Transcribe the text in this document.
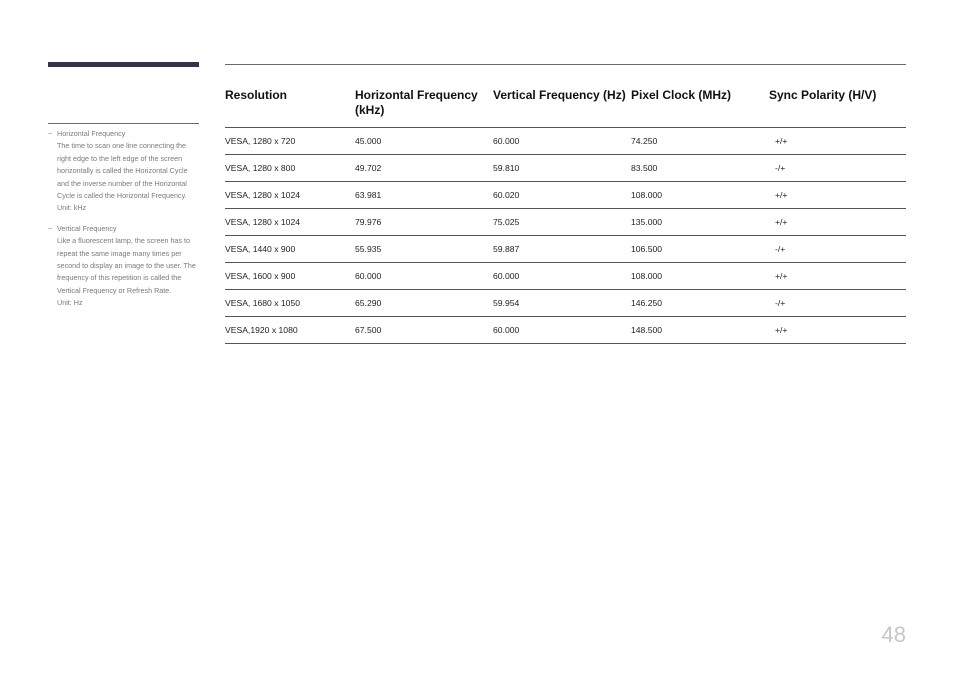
− Horizontal Frequency
The time to scan one line connecting the right edge to the left edge of the screen horizontally is called the Horizontal Cycle and the inverse number of the Horizontal Cycle is called the Horizontal Frequency.
Unit: kHz
− Vertical Frequency
Like a fluorescent lamp, the screen has to repeat the same image many times per second to display an image to the user. The frequency of this repetition is called the Vertical Frequency or Refresh Rate.
Unit: Hz
Resolution	Horizontal Frequency (kHz)	Vertical Frequency (Hz)	Pixel Clock (MHz)	Sync Polarity (H/V)
VESA, 1280 x 720	45.000	60.000	74.250	+/+
VESA, 1280 x 800	49.702	59.810	83.500	-/+
VESA, 1280 x 1024	63.981	60.020	108.000	+/+
VESA, 1280 x 1024	79.976	75.025	135.000	+/+
VESA, 1440 x 900	55.935	59.887	106.500	-/+
VESA, 1600 x 900	60.000	60.000	108.000	+/+
VESA, 1680 x 1050	65.290	59.954	146.250	-/+
VESA,1920 x 1080	67.500	60.000	148.500	+/+
48
